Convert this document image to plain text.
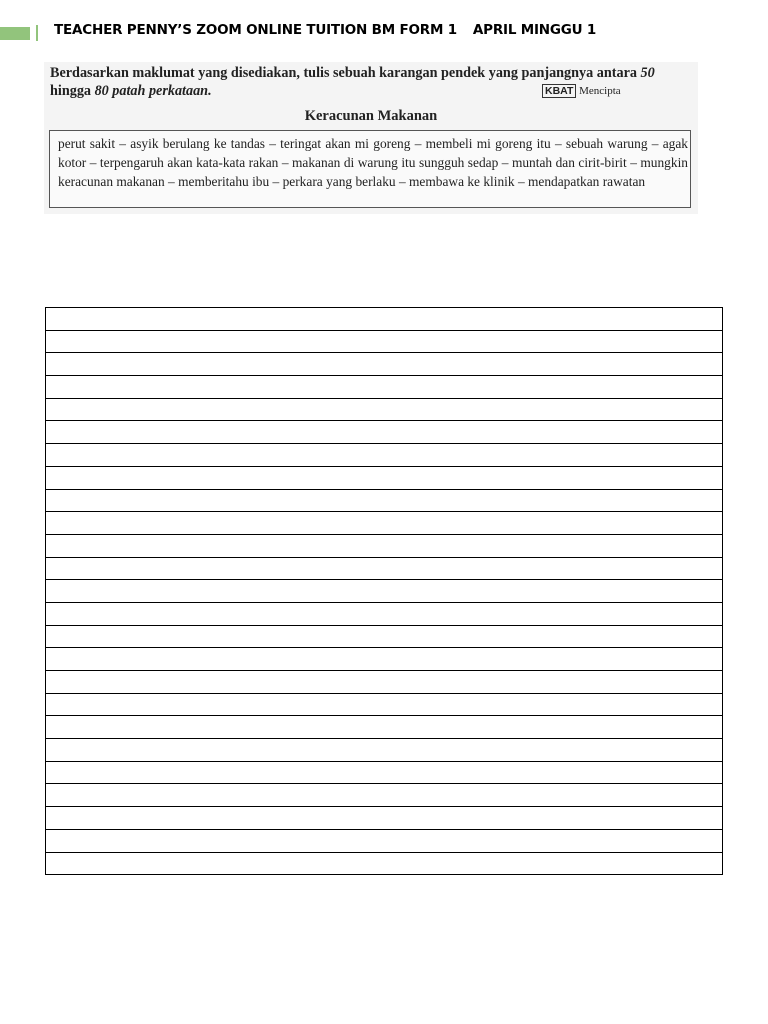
TEACHER PENNY’S ZOOM ONLINE TUITION BM FORM 1 APRIL MINGGU 1
Berdasarkan maklumat yang disediakan, tulis sebuah karangan pendek yang panjangnya antara 50 hingga 80 patah perkataan.	KBAT Mencipta
Keracunan Makanan
perut sakit – asyik berulang ke tandas – teringat akan mi goreng – membeli mi goreng itu – sebuah warung – agak kotor – terpengaruh akan kata-kata rakan – makanan di warung itu sungguh sedap – muntah dan cirit-birit – mungkin keracunan makanan – memberitahu ibu – perkara yang berlaku – membawa ke klinik – mendapatkan rawatan
